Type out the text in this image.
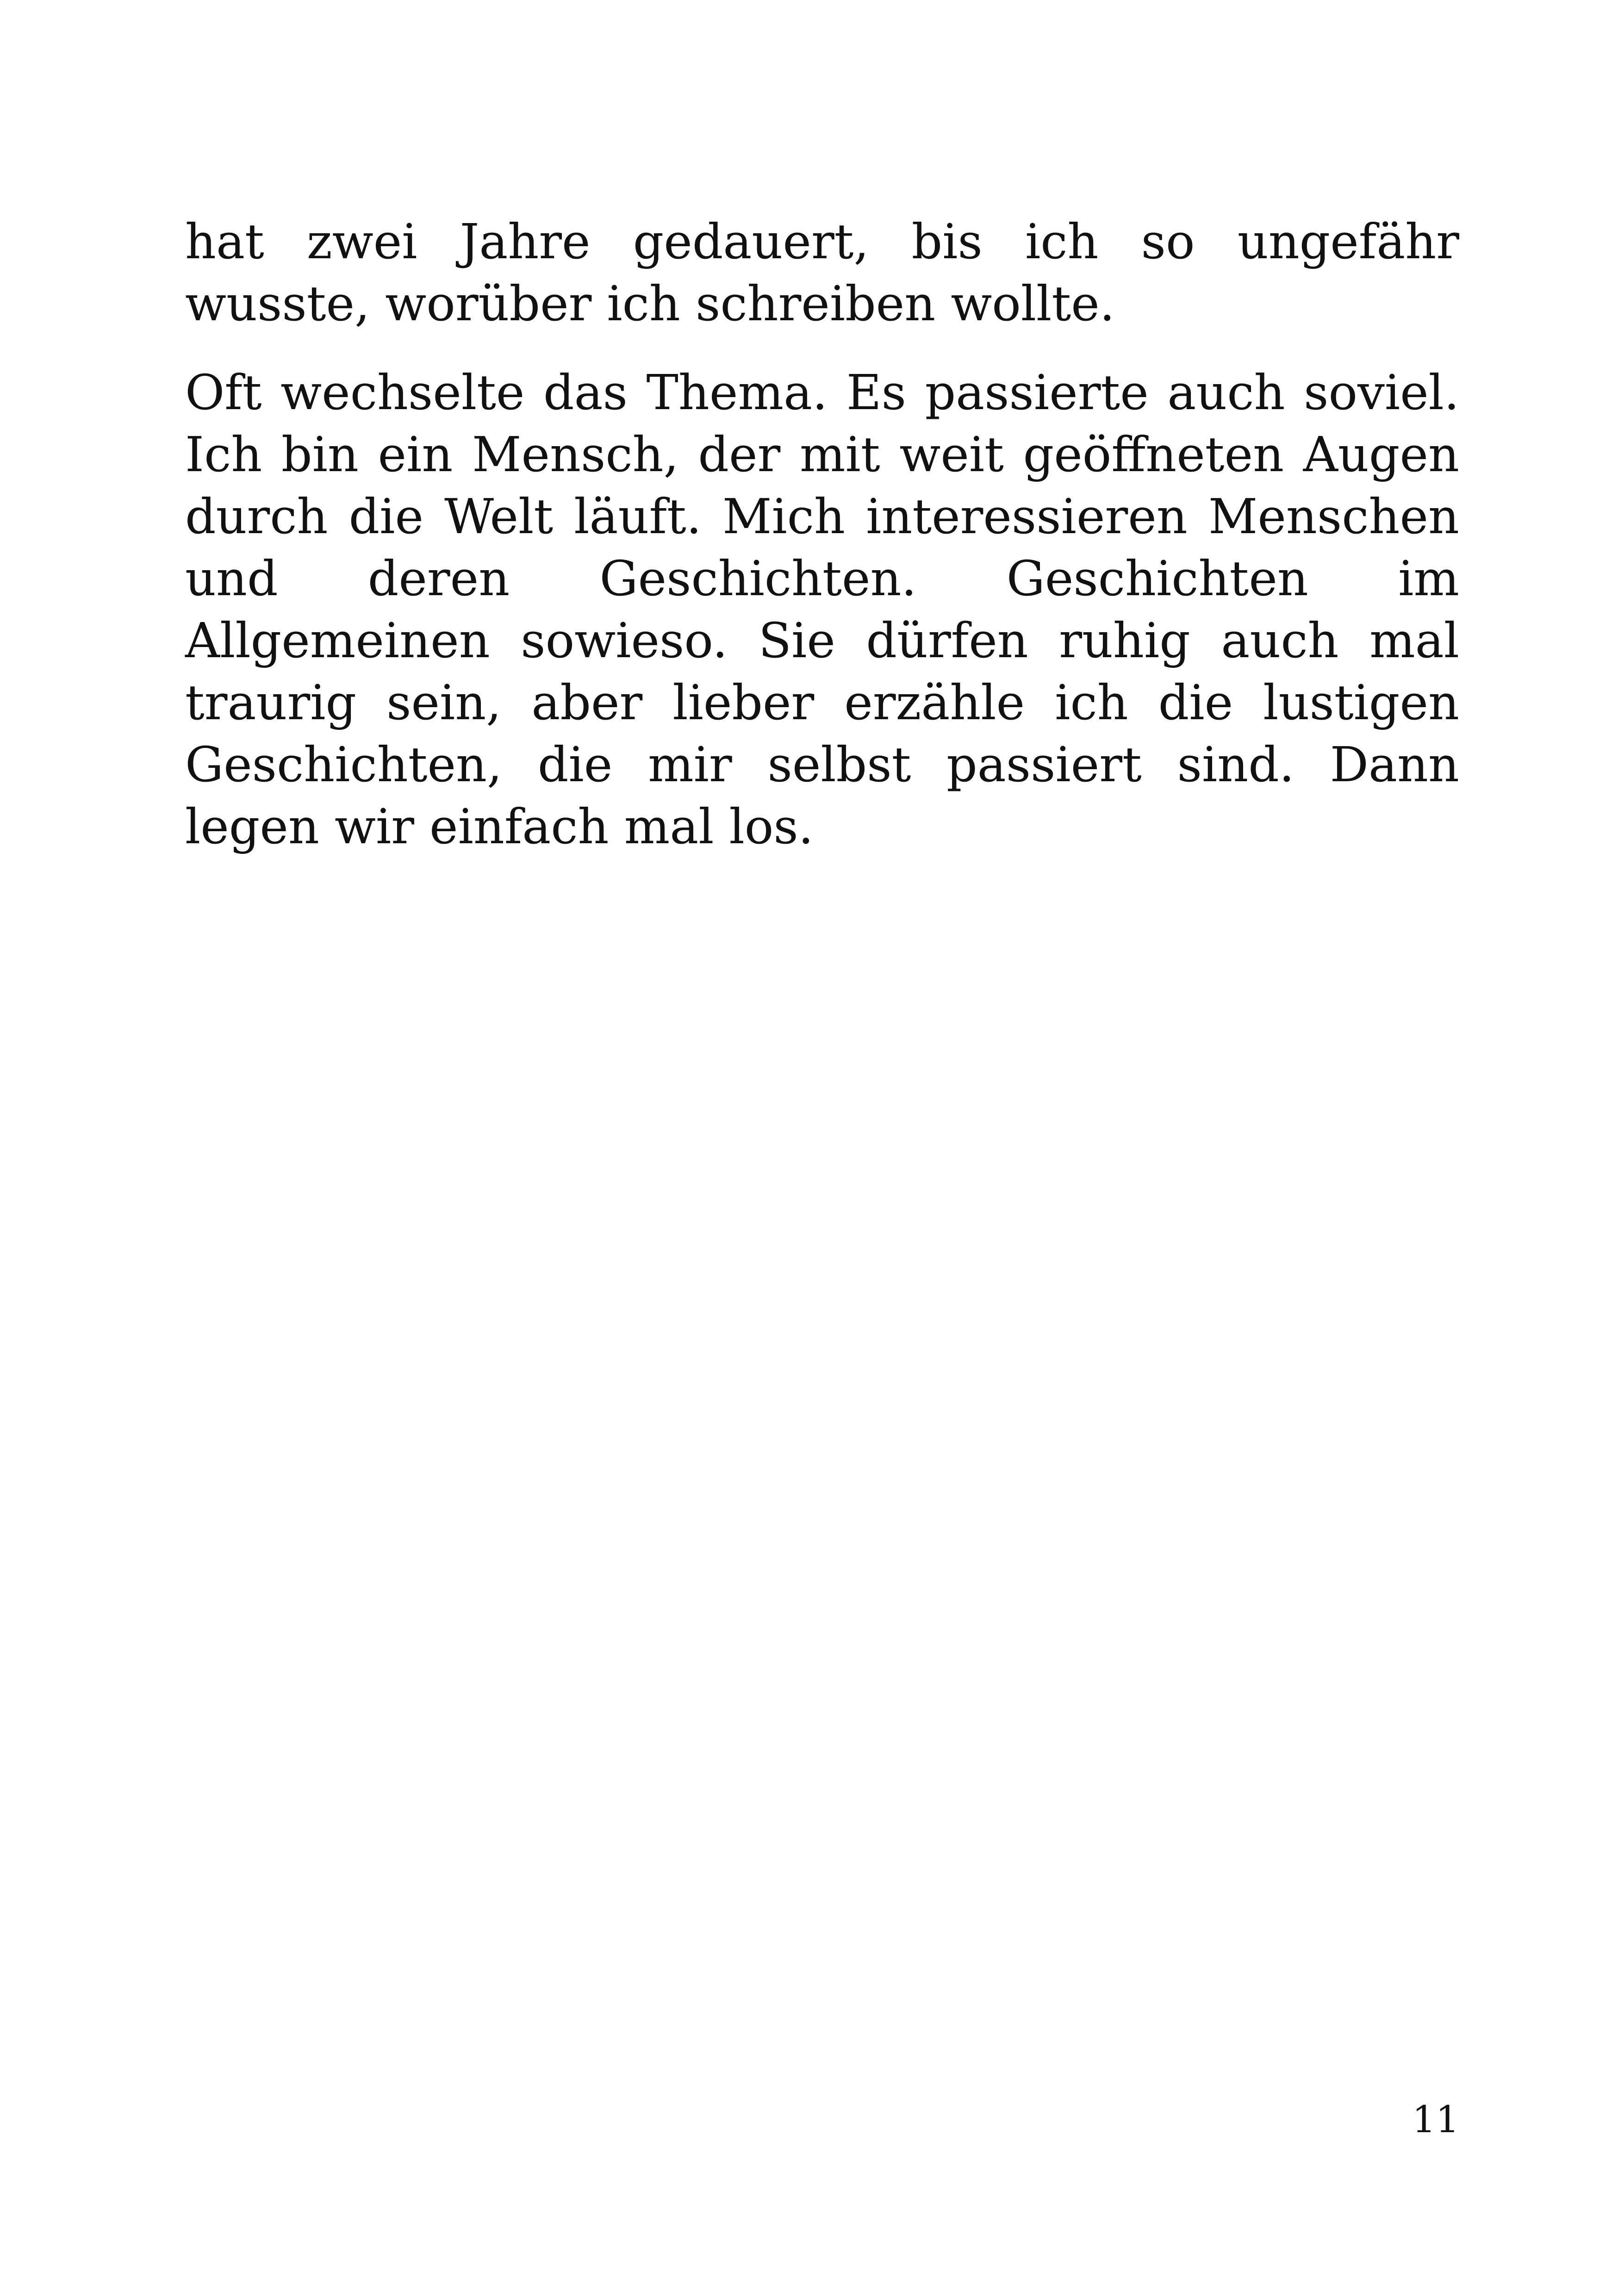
hat zwei Jahre gedauert, bis ich so ungefähr wusste, worüber ich schreiben wollte.

Oft wechselte das Thema. Es passierte auch soviel. Ich bin ein Mensch, der mit weit geöffneten Augen durch die Welt läuft. Mich interessieren Menschen und deren Geschichten. Geschichten im Allgemeinen sowieso. Sie dürfen ruhig auch mal traurig sein, aber lieber erzähle ich die lustigen Geschichten, die mir selbst passiert sind. Dann legen wir einfach mal los.

11
